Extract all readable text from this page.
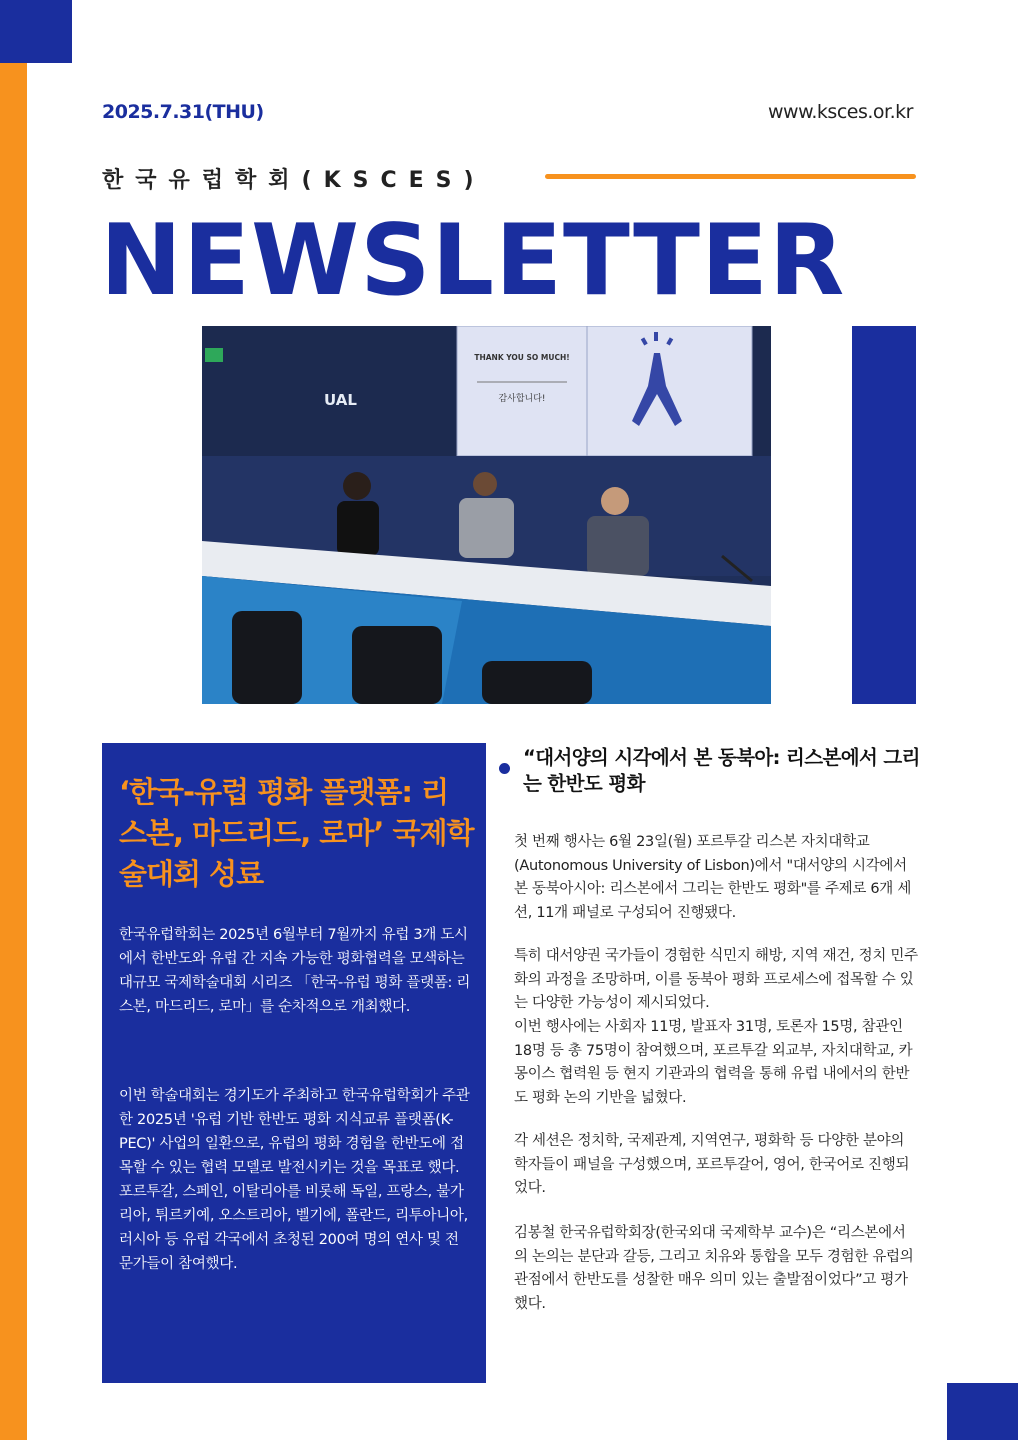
2025.7.31(THU)	www.ksces.or.kr
한국유럽학회(KSCES)
NEWSLETTER
UAL
THANK YOU SO MUCH!
감사합니다!
‘한국-유럽 평화 플랫폼: 리스본, 마드리드, 로마’ 국제학술대회 성료

한국유럽학회는 2025년 6월부터 7월까지 유럽 3개 도시에서 한반도와 유럽 간 지속 가능한 평화협력을 모색하는 대규모 국제학술대회 시리즈 「한국-유럽 평화 플랫폼: 리스본, 마드리드, 로마」를 순차적으로 개최했다.

이번 학술대회는 경기도가 주최하고 한국유럽학회가 주관한 2025년 '유럽 기반 한반도 평화 지식교류 플랫폼(K-PEC)' 사업의 일환으로, 유럽의 평화 경험을 한반도에 접목할 수 있는 협력 모델로 발전시키는 것을 목표로 했다. 포르투갈, 스페인, 이탈리아를 비롯해 독일, 프랑스, 불가리아, 튀르키예, 오스트리아, 벨기에, 폴란드, 리투아니아, 러시아 등 유럽 각국에서 초청된 200여 명의 연사 및 전문가들이 참여했다.

“대서양의 시각에서 본 동북아: 리스본에서 그리는 한반도 평화

첫 번째 행사는 6월 23일(월) 포르투갈 리스본 자치대학교(Autonomous University of Lisbon)에서 "대서양의 시각에서 본 동북아시아: 리스본에서 그리는 한반도 평화"를 주제로 6개 세션, 11개 패널로 구성되어 진행됐다.

특히 대서양권 국가들이 경험한 식민지 해방, 지역 재건, 정치 민주화의 과정을 조망하며, 이를 동북아 평화 프로세스에 접목할 수 있는 다양한 가능성이 제시되었다.

이번 행사에는 사회자 11명, 발표자 31명, 토론자 15명, 참관인 18명 등 총 75명이 참여했으며, 포르투갈 외교부, 자치대학교, 카몽이스 협력원 등 현지 기관과의 협력을 통해 유럽 내에서의 한반도 평화 논의 기반을 넓혔다.

각 세션은 정치학, 국제관계, 지역연구, 평화학 등 다양한 분야의 학자들이 패널을 구성했으며, 포르투갈어, 영어, 한국어로 진행되었다.

김봉철 한국유럽학회장(한국외대 국제학부 교수)은 “리스본에서의 논의는 분단과 갈등, 그리고 치유와 통합을 모두 경험한 유럽의 관점에서 한반도를 성찰한 매우 의미 있는 출발점이었다”고 평가했다.
